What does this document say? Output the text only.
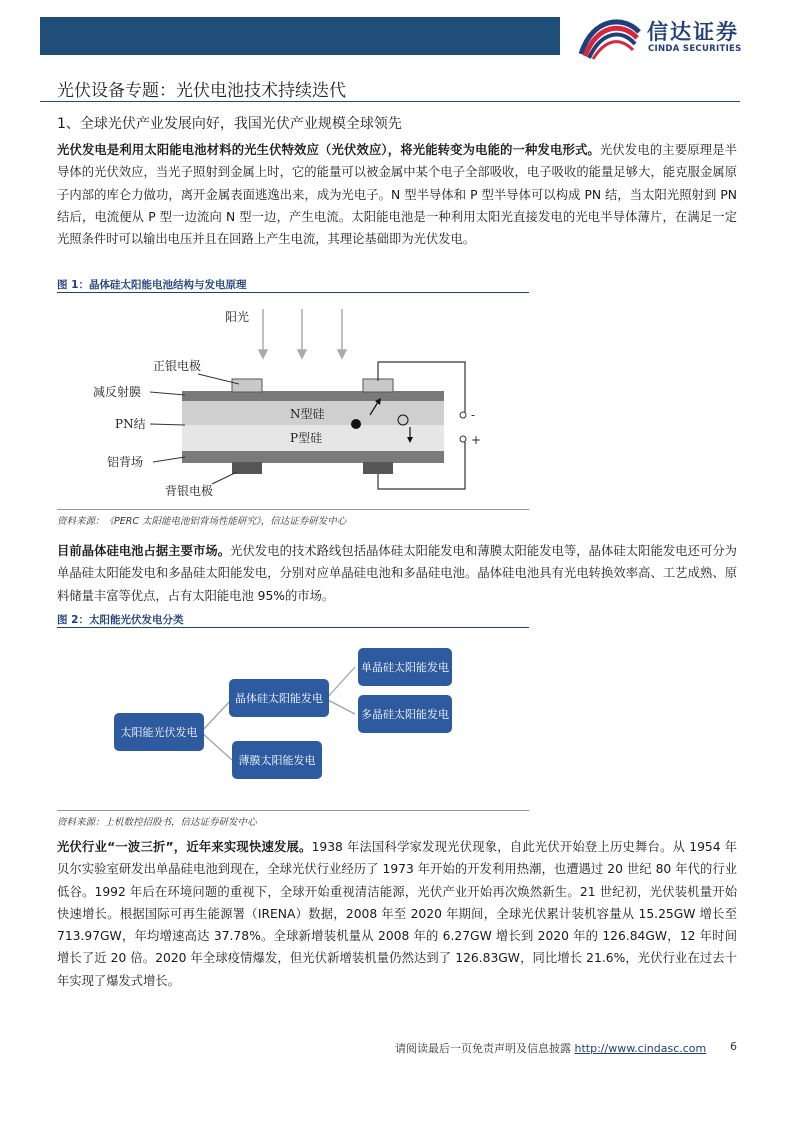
信达证券
CINDA SECURITIES
光伏设备专题：光伏电池技术持续迭代
1、全球光伏产业发展向好，我国光伏产业规模全球领先
光伏发电是利用太阳能电池材料的光生伏特效应（光伏效应），将光能转变为电能的一种发电形式。光伏发电的主要原理是半导体的光伏效应，当光子照射到金属上时，它的能量可以被金属中某个电子全部吸收，电子吸收的能量足够大，能克服金属原子内部的库仑力做功，离开金属表面逃逸出来，成为光电子。N 型半导体和 P 型半导体可以构成 PN 结，当太阳光照射到 PN 结后，电流便从 P 型一边流向 N 型一边，产生电流。太阳能电池是一种利用太阳光直接发电的光电半导体薄片，在满足一定光照条件时可以输出电压并且在回路上产生电流，其理论基础即为光伏发电。
图 1：晶体硅太阳能电池结构与发电原理
阳光
N型硅
P型硅
-
+
正银电极
减反射膜
PN结
铝背场
背银电极
资料来源：《PERC 太阳能电池铝背场性能研究》，信达证券研发中心
目前晶体硅电池占据主要市场。光伏发电的技术路线包括晶体硅太阳能发电和薄膜太阳能发电等，晶体硅太阳能发电还可分为单晶硅太阳能发电和多晶硅太阳能发电，分别对应单晶硅电池和多晶硅电池。晶体硅电池具有光电转换效率高、工艺成熟、原料储量丰富等优点，占有太阳能电池 95%的市场。
图 2：太阳能光伏发电分类
太阳能光伏发电
晶体硅太阳能发电
薄膜太阳能发电
单晶硅太阳能发电
多晶硅太阳能发电
资料来源：上机数控招股书，信达证券研发中心
光伏行业“一波三折”，近年来实现快速发展。1938 年法国科学家发现光伏现象，自此光伏开始登上历史舞台。从 1954 年贝尔实验室研发出单晶硅电池到现在，全球光伏行业经历了 1973 年开始的开发利用热潮，也遭遇过 20 世纪 80 年代的行业低谷。1992 年后在环境问题的重视下，全球开始重视清洁能源，光伏产业开始再次焕然新生。21 世纪初，光伏装机量开始快速增长。根据国际可再生能源署（IRENA）数据，2008 年至 2020 年期间，全球光伏累计装机容量从 15.25GW 增长至 713.97GW，年均增速高达 37.78%。全球新增装机量从 2008 年的 6.27GW 增长到 2020 年的 126.84GW，12 年时间增长了近 20 倍。2020 年全球疫情爆发，但光伏新增装机量仍然达到了 126.83GW，同比增长 21.6%，光伏行业在过去十年实现了爆发式增长。
请阅读最后一页免责声明及信息披露 http://www.cindasc.com 6
